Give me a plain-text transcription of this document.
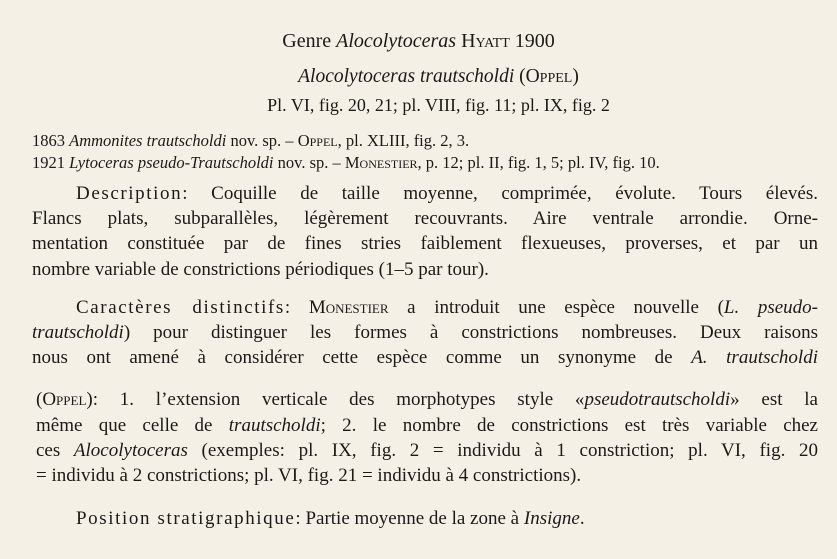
Genre Alocolytoceras Hyatt 1900
Alocolytoceras trautscholdi (Oppel)
Pl. VI, fig. 20, 21; pl. VIII, fig. 11; pl. IX, fig. 2
1863 Ammonites trautscholdi nov. sp. – Oppel, pl. XLIII, fig. 2, 3.
1921 Lytoceras pseudo-Trautscholdi nov. sp. – Monestier, p. 12; pl. II, fig. 1, 5; pl. IV, fig. 10.
Description: Coquille de taille moyenne, comprimée, évolute. Tours élevés.
Flancs plats, subparallèles, légèrement recouvrants. Aire ventrale arrondie. Orne-
mentation constituée par de fines stries faiblement flexueuses, proverses, et par un
nombre variable de constrictions périodiques (1–5 par tour).
Caractères distinctifs: Monestier a introduit une espèce nouvelle (L. pseudo-
trautscholdi) pour distinguer les formes à constrictions nombreuses. Deux raisons
nous ont amené à considérer cette espèce comme un synonyme de A. trautscholdi
(Oppel): 1. l’extension verticale des morphotypes style «pseudotrautscholdi» est la
même que celle de trautscholdi; 2. le nombre de constrictions est très variable chez
ces Alocolytoceras (exemples: pl. IX, fig. 2 = individu à 1 constriction; pl. VI, fig. 20
= individu à 2 constrictions; pl. VI, fig. 21 = individu à 4 constrictions).
Position stratigraphique: Partie moyenne de la zone à Insigne.
